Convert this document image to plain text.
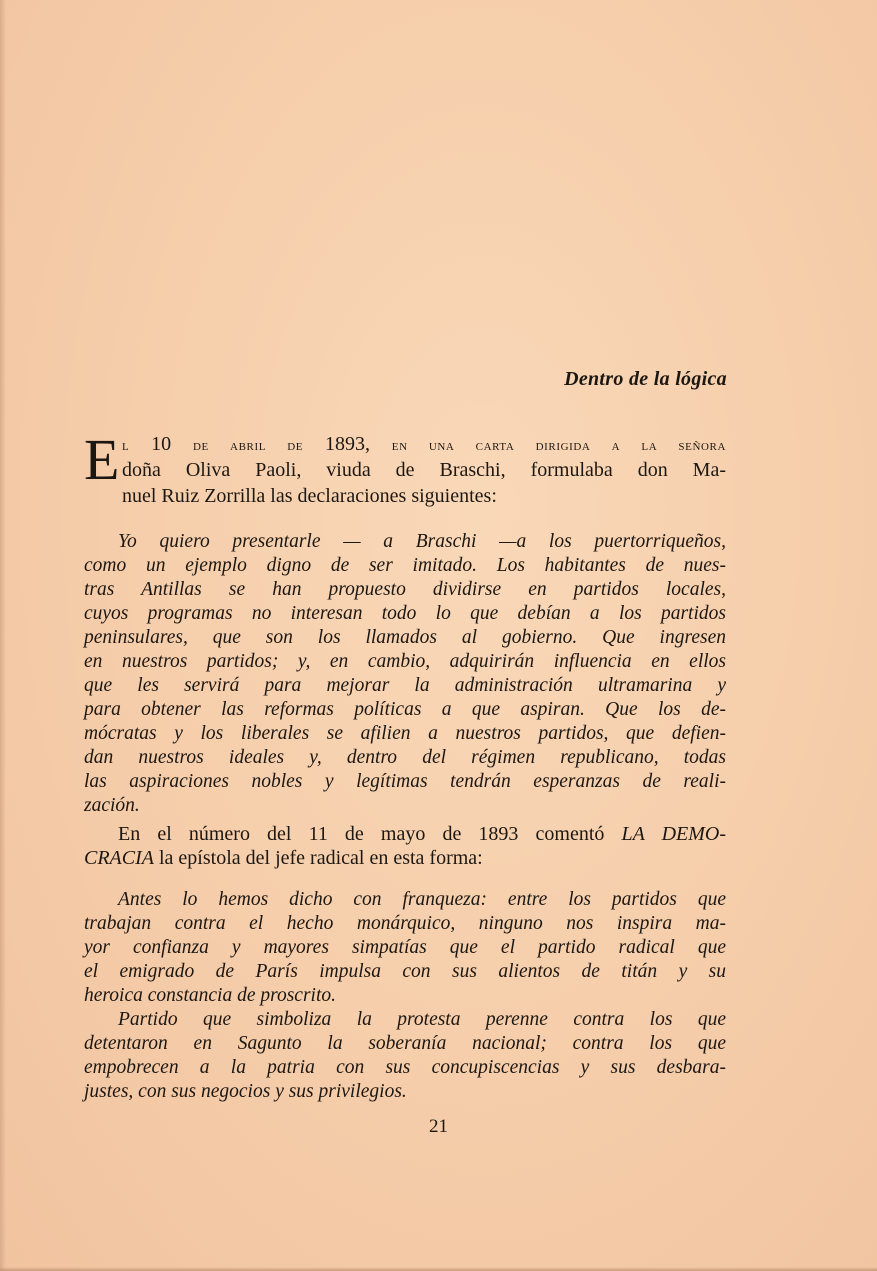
Dentro de la lógica
E l 10 de abril de 1893, en una carta dirigida a la señora
doña Oliva Paoli, viuda de Braschi, formulaba don Ma-
nuel Ruiz Zorrilla las declaraciones siguientes:
Yo quiero presentarle — a Braschi —a los puertorriqueños,
como un ejemplo digno de ser imitado. Los habitantes de nues-
tras Antillas se han propuesto dividirse en partidos locales,
cuyos programas no interesan todo lo que debían a los partidos
peninsulares, que son los llamados al gobierno. Que ingresen
en nuestros partidos; y, en cambio, adquirirán influencia en ellos
que les servirá para mejorar la administración ultramarina y
para obtener las reformas políticas a que aspiran. Que los de-
mócratas y los liberales se afilien a nuestros partidos, que defien-
dan nuestros ideales y, dentro del régimen republicano, todas
las aspiraciones nobles y legítimas tendrán esperanzas de reali-
zación.
En el número del 11 de mayo de 1893 comentó LA DEMO-
CRACIA la epístola del jefe radical en esta forma:
Antes lo hemos dicho con franqueza: entre los partidos que
trabajan contra el hecho monárquico, ninguno nos inspira ma-
yor confianza y mayores simpatías que el partido radical que
el emigrado de París impulsa con sus alientos de titán y su
heroica constancia de proscrito.
Partido que simboliza la protesta perenne contra los que
detentaron en Sagunto la soberanía nacional; contra los que
empobrecen a la patria con sus concupiscencias y sus desbara-
justes, con sus negocios y sus privilegios.
21
